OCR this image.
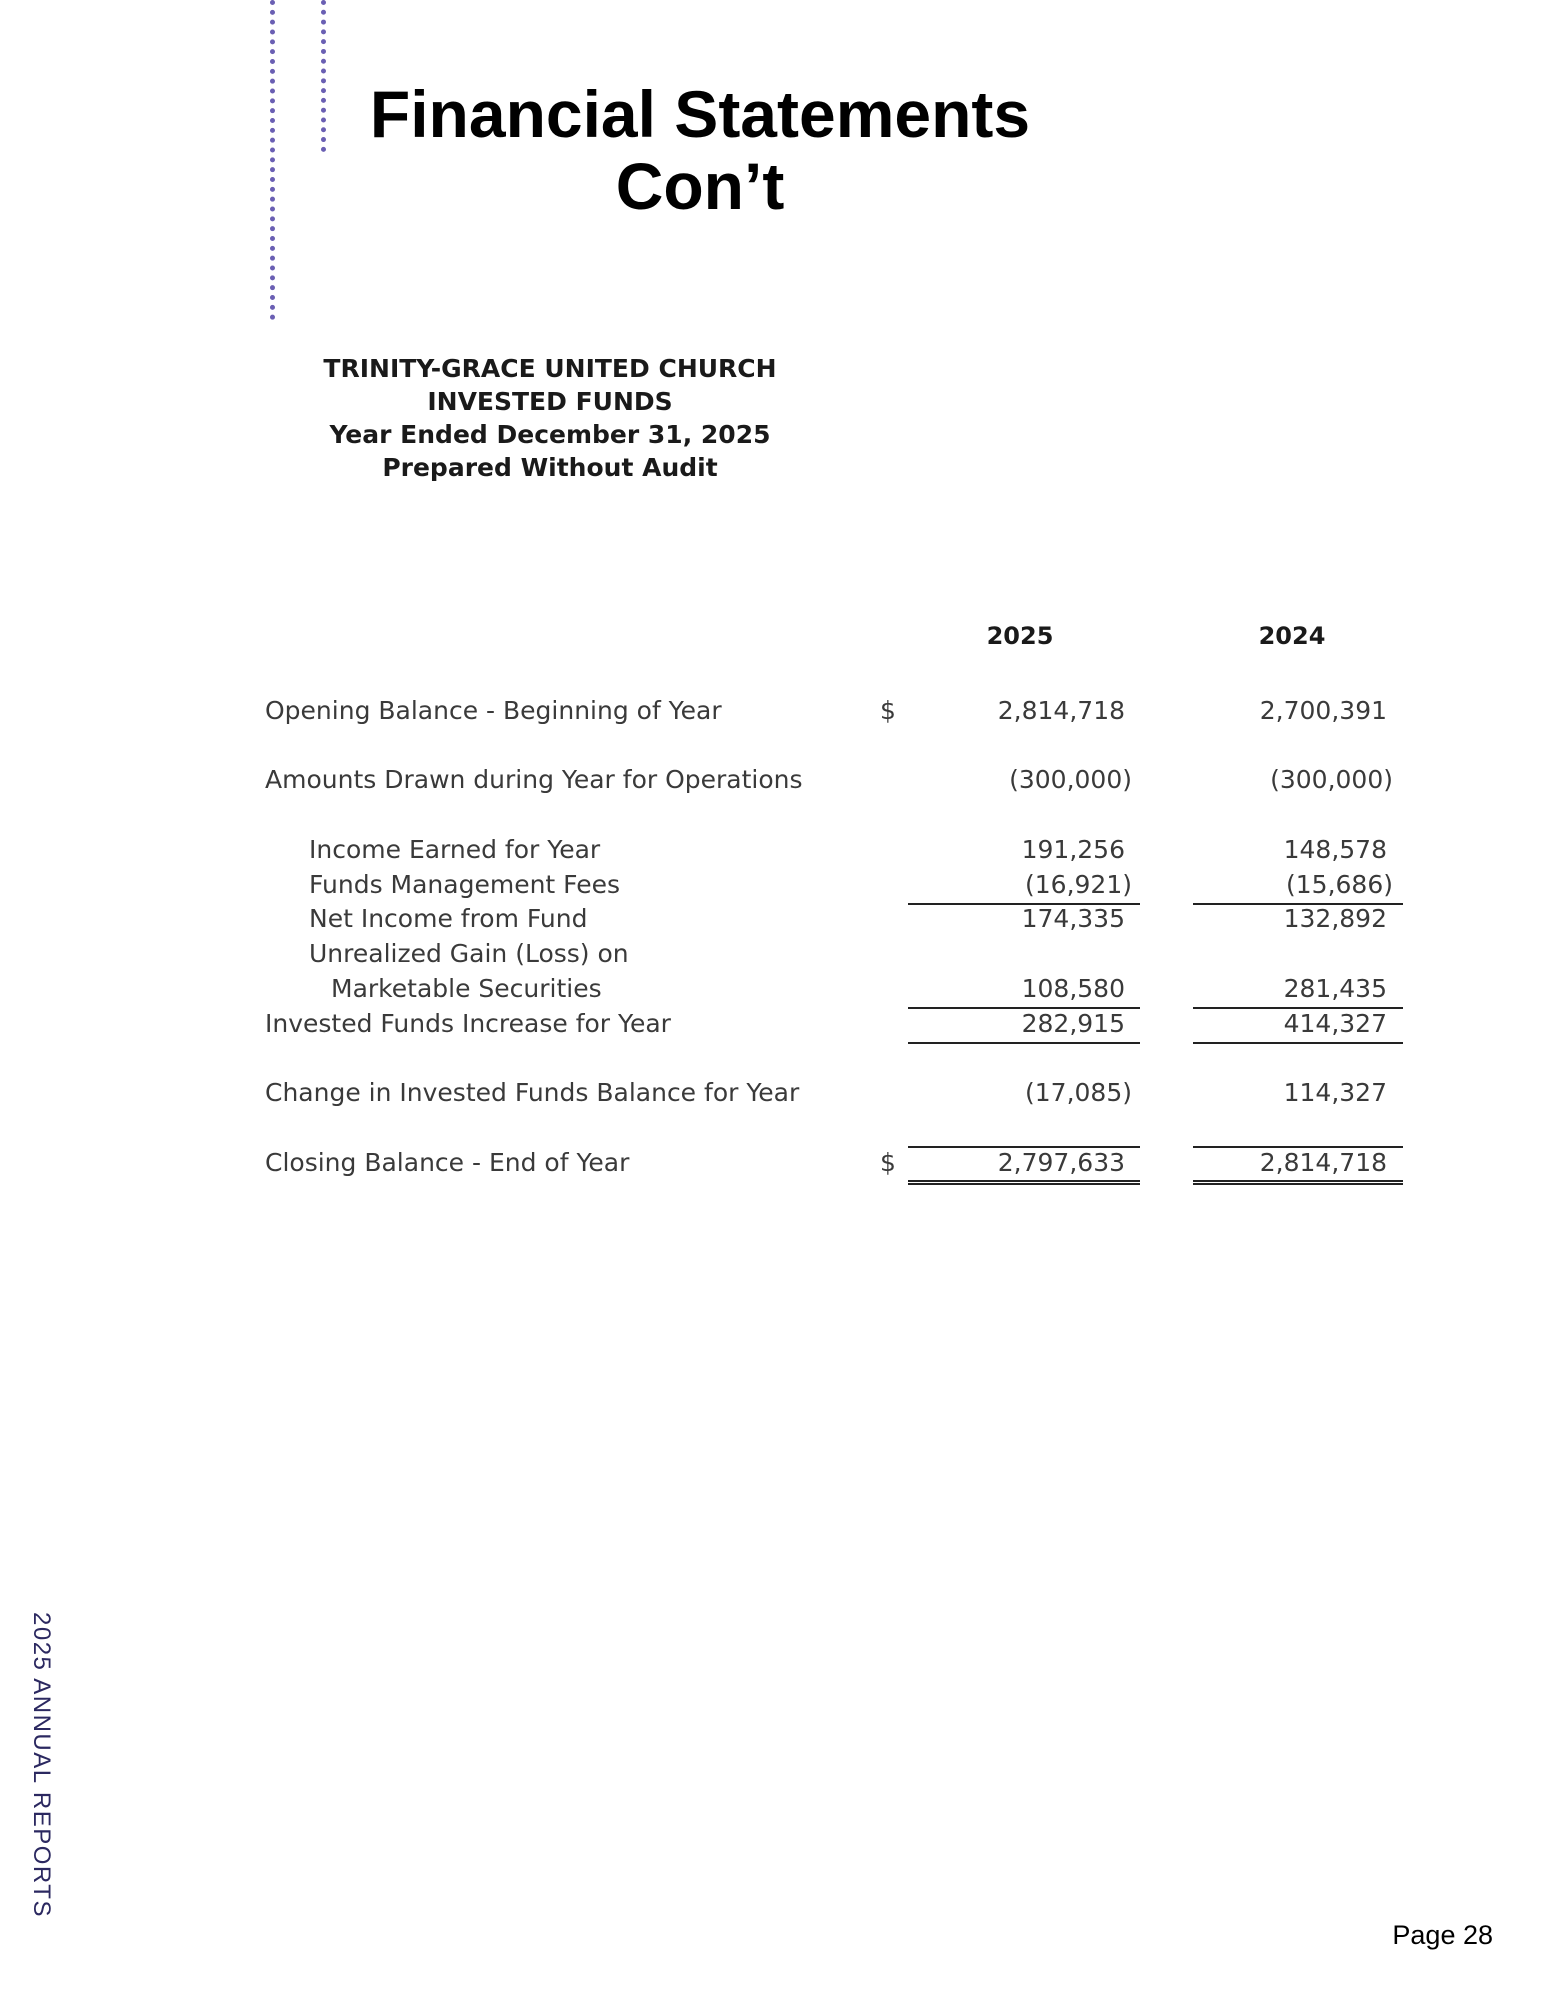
Financial Statements
Con’t
TRINITY-GRACE UNITED CHURCH
INVESTED FUNDS
Year Ended December 31, 2025
Prepared Without Audit
2025	2024
Opening Balance - Beginning of Year	$	2,814,718	2,700,391
Amounts Drawn during Year for Operations	(300,000)	(300,000)
Income Earned for Year	191,256	148,578
Funds Management Fees	(16,921)	(15,686)
Net Income from Fund	174,335	132,892
Unrealized Gain (Loss) on
Marketable Securities	108,580	281,435
Invested Funds Increase for Year	282,915	414,327
Change in Invested Funds Balance for Year	(17,085)	114,327
Closing Balance - End of Year	$	2,797,633	2,814,718
2025 ANNUAL REPORTS
Page 28
